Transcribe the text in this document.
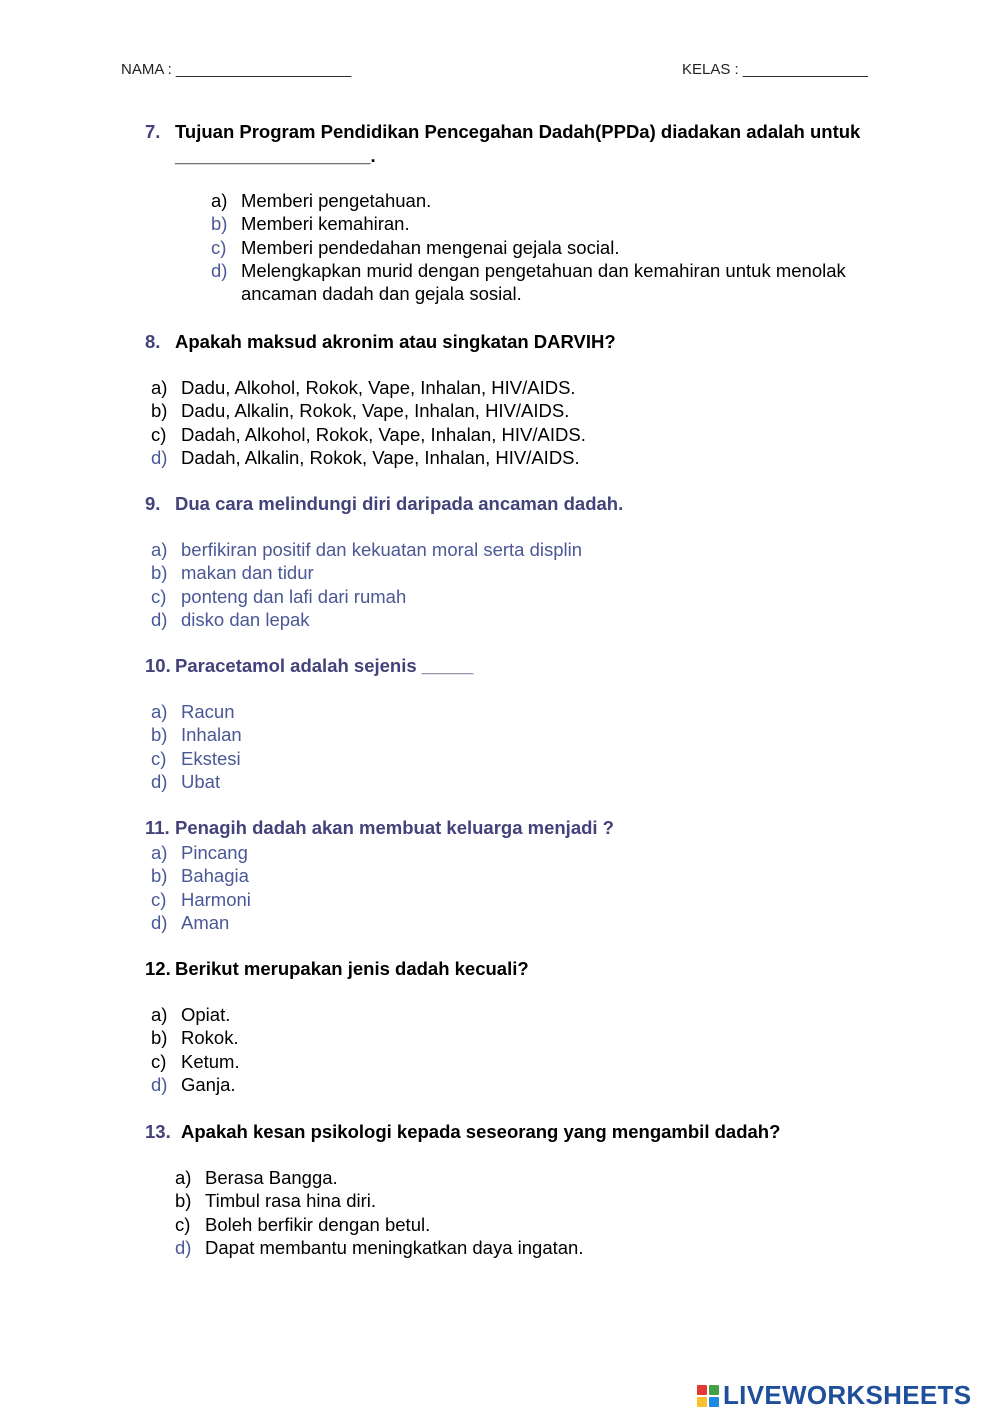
NAMA : _____________________	KELAS : _______________
7. Tujuan Program Pendidikan Pencegahan Dadah(PPDa) diadakan adalah untuk ___________________.
a) Memberi pengetahuan.
b) Memberi kemahiran.
c) Memberi pendedahan mengenai gejala social.
d) Melengkapkan murid dengan pengetahuan dan kemahiran untuk menolak ancaman dadah dan gejala sosial.
8. Apakah maksud akronim atau singkatan DARVIH?
a) Dadu, Alkohol, Rokok, Vape, Inhalan, HIV/AIDS.
b) Dadu, Alkalin, Rokok, Vape, Inhalan, HIV/AIDS.
c) Dadah, Alkohol, Rokok, Vape, Inhalan, HIV/AIDS.
d) Dadah, Alkalin, Rokok, Vape, Inhalan, HIV/AIDS.
9. Dua cara melindungi diri daripada ancaman dadah.
a) berfikiran positif dan kekuatan moral serta displin
b) makan dan tidur
c) ponteng dan lafi dari rumah
d) disko dan lepak
10. Paracetamol adalah sejenis _____
a) Racun
b) Inhalan
c) Ekstesi
d) Ubat
11. Penagih dadah akan membuat keluarga menjadi ?
a) Pincang
b) Bahagia
c) Harmoni
d) Aman
12. Berikut merupakan jenis dadah kecuali?
a) Opiat.
b) Rokok.
c) Ketum.
d) Ganja.
13. Apakah kesan psikologi kepada seseorang yang mengambil dadah?
a) Berasa Bangga.
b) Timbul rasa hina diri.
c) Boleh berfikir dengan betul.
d) Dapat membantu meningkatkan daya ingatan.
LIVEWORKSHEETS
